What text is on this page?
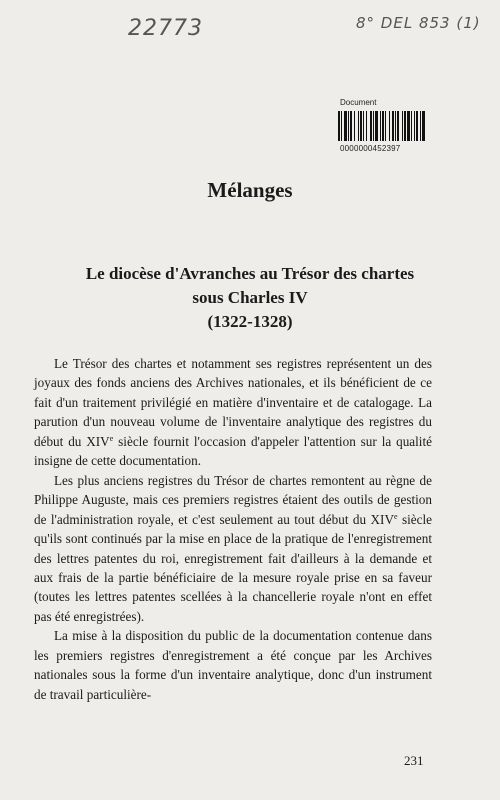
22773	8° DEL 853 (1)
Document
0000000452397
Mélanges
Le diocèse d'Avranches au Trésor des chartes
sous Charles IV
(1322-1328)

Le Trésor des chartes et notamment ses registres représentent un des joyaux des fonds anciens des Archives nationales, et ils bénéficient de ce fait d'un traitement privilégié en matière d'inventaire et de catalogage. La parution d'un nouveau volume de l'inventaire analytique des registres du début du XIVe siècle fournit l'occasion d'appeler l'attention sur la qualité insigne de cette documentation.

Les plus anciens registres du Trésor de chartes remontent au règne de Philippe Auguste, mais ces premiers registres étaient des outils de gestion de l'administration royale, et c'est seulement au tout début du XIVe siècle qu'ils sont continués par la mise en place de la pratique de l'enregistrement des lettres patentes du roi, enregistrement fait d'ailleurs à la demande et aux frais de la partie bénéficiaire de la mesure royale prise en sa faveur (toutes les lettres patentes scellées à la chancellerie royale n'ont en effet pas été enregistrées).

La mise à la disposition du public de la documentation contenue dans les premiers registres d'enregistrement a été conçue par les Archives nationales sous la forme d'un inventaire analytique, donc d'un instrument de travail particulière-

231
